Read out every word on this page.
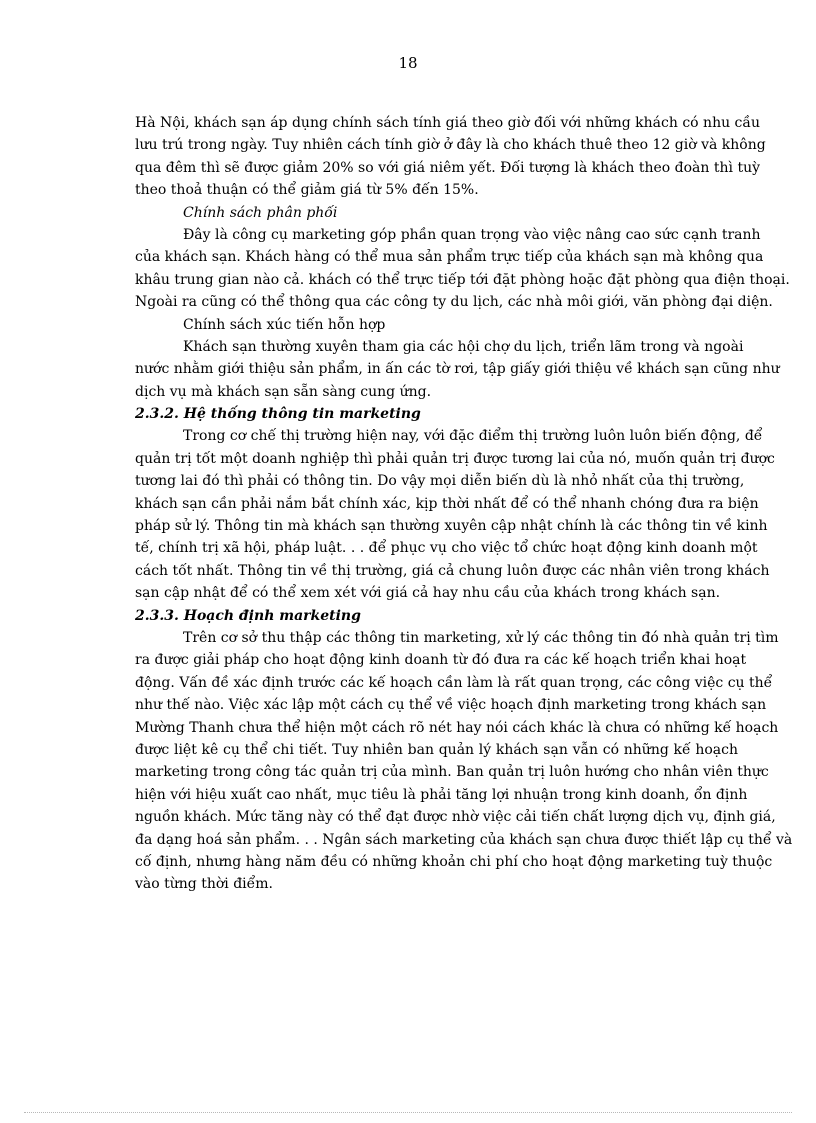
18
Hà Nội, khách sạn áp dụng chính sách tính giá theo giờ đối với những khách có nhu cầu
lưu trú trong ngày. Tuy nhiên cách tính giờ ở đây là cho khách thuê theo 12 giờ và không
qua đêm thì sẽ được giảm 20% so với giá niêm yết. Đối tượng là khách theo đoàn thì tuỳ
theo thoả thuận có thể giảm giá từ 5% đến 15%.
Chính sách phân phối
Đây là công cụ marketing góp phần quan trọng vào việc nâng cao sức cạnh tranh
của khách sạn. Khách hàng có thể mua sản phẩm trực tiếp của khách sạn mà không qua
khâu trung gian nào cả. khách có thể trực tiếp tới đặt phòng hoặc đặt phòng qua điện thoại.
Ngoài ra cũng có thể thông qua các công ty du lịch, các nhà môi giới, văn phòng đại diện.
Chính sách xúc tiến hỗn hợp
Khách sạn thường xuyên tham gia các hội chợ du lịch, triển lãm trong và ngoài
nước nhằm giới thiệu sản phẩm, in ấn các tờ rơi, tập giấy giới thiệu về khách sạn cũng như
dịch vụ mà khách sạn sẵn sàng cung ứng.
2.3.2. Hệ thống thông tin marketing
Trong cơ chế thị trường hiện nay, với đặc điểm thị trường luôn luôn biến động, để
quản trị tốt một doanh nghiệp thì phải quản trị được tương lai của nó, muốn quản trị được
tương lai đó thì phải có thông tin. Do vậy mọi diễn biến dù là nhỏ nhất của thị trường,
khách sạn cần phải nắm bắt chính xác, kịp thời nhất để có thể nhanh chóng đưa ra biện
pháp sử lý. Thông tin mà khách sạn thường xuyên cập nhật chính là các thông tin về kinh
tế, chính trị xã hội, pháp luật. . . để phục vụ cho việc tổ chức hoạt động kinh doanh một
cách tốt nhất. Thông tin về thị trường, giá cả chung luôn được các nhân viên trong khách
sạn cập nhật để có thể xem xét với giá cả hay nhu cầu của khách trong khách sạn.
2.3.3. Hoạch định marketing
Trên cơ sở thu thập các thông tin marketing, xử lý các thông tin đó nhà quản trị tìm
ra được giải pháp cho hoạt động kinh doanh từ đó đưa ra các kế hoạch triển khai hoạt
động. Vấn đề xác định trước các kế hoạch cần làm là rất quan trọng, các công việc cụ thể
như thế nào. Việc xác lập một cách cụ thể về việc hoạch định marketing trong khách sạn
Mường Thanh chưa thể hiện một cách rõ nét hay nói cách khác là chưa có những kế hoạch
được liệt kê cụ thể chi tiết. Tuy nhiên ban quản lý khách sạn vẫn có những kế hoạch
marketing trong công tác quản trị của mình. Ban quản trị luôn hướng cho nhân viên thực
hiện với hiệu xuất cao nhất, mục tiêu là phải tăng lợi nhuận trong kinh doanh, ổn định
nguồn khách. Mức tăng này có thể đạt được nhờ việc cải tiến chất lượng dịch vụ, định giá,
đa dạng hoá sản phẩm. . . Ngân sách marketing của khách sạn chưa được thiết lập cụ thể và
cố định, nhưng hàng năm đều có những khoản chi phí cho hoạt động marketing tuỳ thuộc
vào từng thời điểm.
